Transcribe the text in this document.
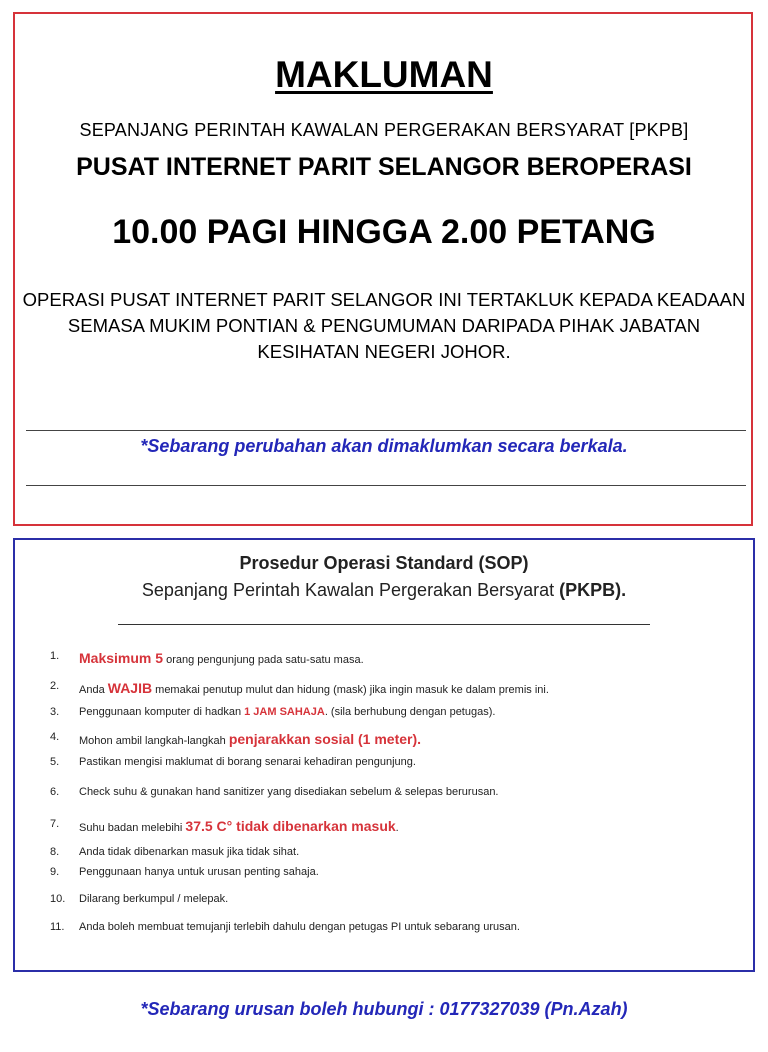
MAKLUMAN
SEPANJANG PERINTAH KAWALAN PERGERAKAN BERSYARAT [PKPB]
PUSAT INTERNET PARIT SELANGOR BEROPERASI
10.00 PAGI HINGGA 2.00 PETANG
OPERASI PUSAT INTERNET PARIT SELANGOR INI TERTAKLUK KEPADA KEADAAN
SEMASA MUKIM PONTIAN & PENGUMUMAN DARIPADA PIHAK JABATAN
KESIHATAN NEGERI JOHOR.
*Sebarang perubahan akan dimaklumkan secara berkala.
Prosedur Operasi Standard (SOP)
Sepanjang Perintah Kawalan Pergerakan Bersyarat (PKPB).
1.	Maksimum 5 orang pengunjung pada satu-satu masa.
2.	Anda WAJIB memakai penutup mulut dan hidung (mask) jika ingin masuk ke dalam premis ini.
3.	Penggunaan komputer di hadkan 1 JAM SAHAJA. (sila berhubung dengan petugas).
4.	Mohon ambil langkah-langkah penjarakkan sosial (1 meter).
5.	Pastikan mengisi maklumat di borang senarai kehadiran pengunjung.
6.	Check suhu & gunakan hand sanitizer yang disediakan sebelum & selepas berurusan.
7.	Suhu badan melebihi 37.5 C° tidak dibenarkan masuk.
8.	Anda tidak dibenarkan masuk jika tidak sihat.
9.	Penggunaan hanya untuk urusan penting sahaja.
10.	Dilarang berkumpul / melepak.
11.	Anda boleh membuat temujanji terlebih dahulu dengan petugas PI untuk sebarang urusan.
*Sebarang urusan boleh hubungi : 0177327039 (Pn.Azah)
